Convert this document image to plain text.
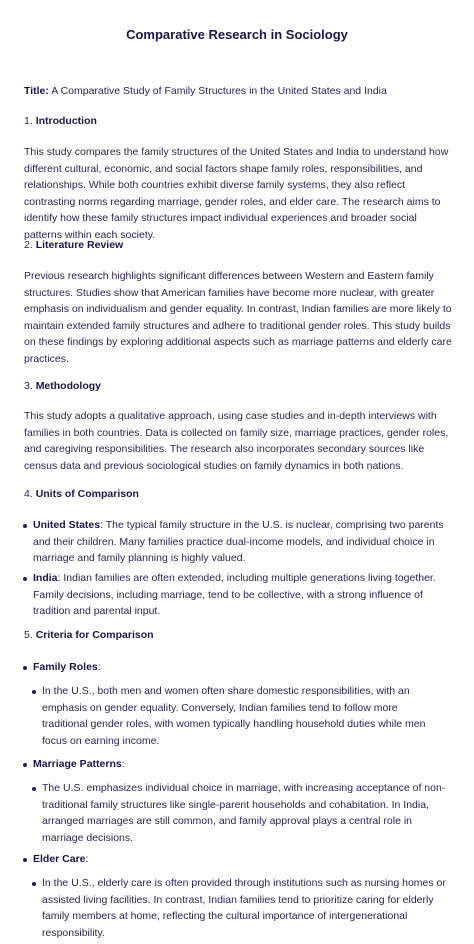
Comparative Research in Sociology

Title: A Comparative Study of Family Structures in the United States and India

1. Introduction

This study compares the family structures of the United States and India to understand how different cultural, economic, and social factors shape family roles, responsibilities, and relationships. While both countries exhibit diverse family systems, they also reflect contrasting norms regarding marriage, gender roles, and elder care. The research aims to identify how these family structures impact individual experiences and broader social patterns within each society.

2. Literature Review

Previous research highlights significant differences between Western and Eastern family structures. Studies show that American families have become more nuclear, with greater emphasis on individualism and gender equality. In contrast, Indian families are more likely to maintain extended family structures and adhere to traditional gender roles. This study builds on these findings by exploring additional aspects such as marriage patterns and elderly care practices.

3. Methodology

This study adopts a qualitative approach, using case studies and in-depth interviews with families in both countries. Data is collected on family size, marriage practices, gender roles, and caregiving responsibilities. The research also incorporates secondary sources like census data and previous sociological studies on family dynamics in both nations.

4. Units of Comparison

United States: The typical family structure in the U.S. is nuclear, comprising two parents and their children. Many families practice dual-income models, and individual choice in marriage and family planning is highly valued.

India: Indian families are often extended, including multiple generations living together. Family decisions, including marriage, tend to be collective, with a strong influence of tradition and parental input.

5. Criteria for Comparison

Family Roles:

In the U.S., both men and women often share domestic responsibilities, with an emphasis on gender equality. Conversely, Indian families tend to follow more traditional gender roles, with women typically handling household duties while men focus on earning income.

Marriage Patterns:

The U.S. emphasizes individual choice in marriage, with increasing acceptance of non-traditional family structures like single-parent households and cohabitation. In India, arranged marriages are still common, and family approval plays a central role in marriage decisions.

Elder Care:

In the U.S., elderly care is often provided through institutions such as nursing homes or assisted living facilities. In contrast, Indian families tend to prioritize caring for elderly family members at home, reflecting the cultural importance of intergenerational responsibility.
